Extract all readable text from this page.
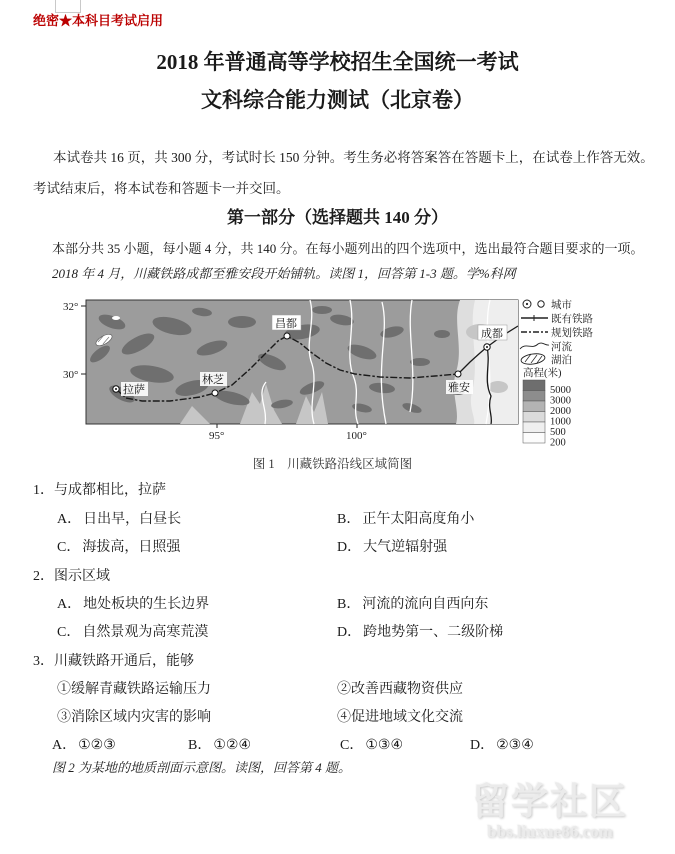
绝密★本科目考试启用
2018 年普通高等学校招生全国统一考试
文科综合能力测试（北京卷）
本试卷共 16 页，共 300 分，考试时长 150 分钟。考生务必将答案答在答题卡上，在试卷上作答无效。
考试结束后，将本试卷和答题卡一并交回。
第一部分（选择题共 140 分）
本部分共 35 小题，每小题 4 分，共 140 分。在每小题列出的四个选项中，选出最符合题目要求的一项。
2018 年 4 月，川藏铁路成都至雅安段开始铺轨。读图 1，回答第 1-3 题。学%科网
拉萨
林芝
昌都
雅安
成都
32°
30°
95°	100°
城市
既有铁路
规划铁路
河流
湖泊
高程(米)
5000
3000
2000
1000
500
200
图 1　川藏铁路沿线区域简图
1．与成都相比，拉萨
A． 日出早，白昼长	B． 正午太阳高度角小
C． 海拔高，日照强	D． 大气逆辐射强
2．图示区域
A． 地处板块的生长边界	B． 河流的流向自西向东
C． 自然景观为高寒荒漠	D． 跨地势第一、二级阶梯
3．川藏铁路开通后，能够
①缓解青藏铁路运输压力	②改善西藏物资供应
③消除区域内灾害的影响	④促进地域文化交流
A． ①②③	B． ①②④	C． ①③④	D． ②③④
图 2 为某地的地质剖面示意图。读图，回答第 4 题。
留学社区
bbs.liuxue86.com
